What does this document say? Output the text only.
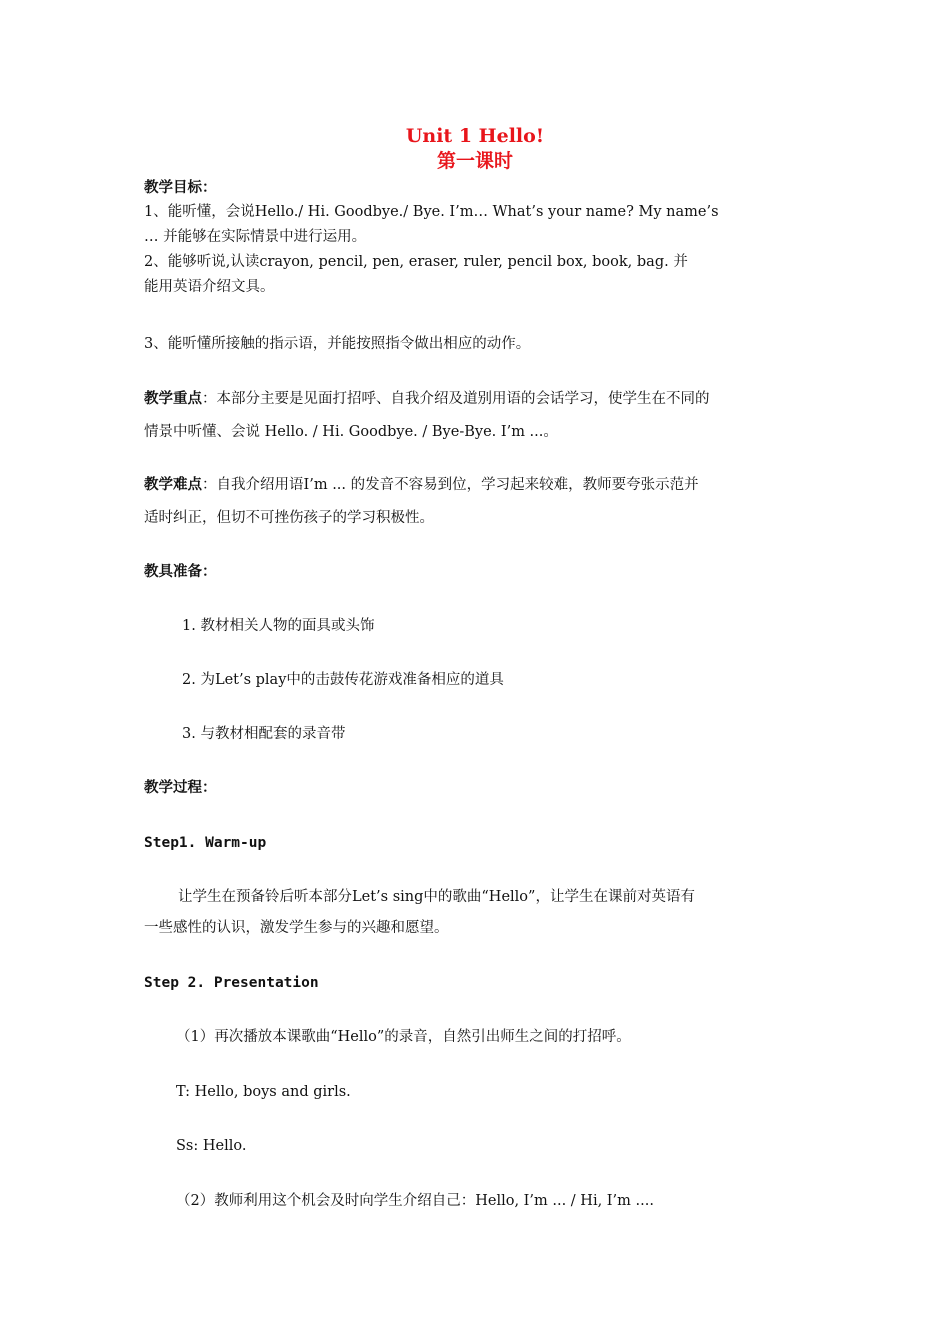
Unit 1 Hello!
第一课时
教学目标：
1、能听懂，会说Hello./ Hi. Goodbye./ Bye. I’m… What’s your name? My name’s
… 并能够在实际情景中进行运用。
2、能够听说,认读crayon, pencil, pen, eraser, ruler, pencil box, book, bag. 并
能用英语介绍文具。
3、能听懂所接触的指示语，并能按照指令做出相应的动作。
教学重点：本部分主要是见面打招呼、自我介绍及道别用语的会话学习，使学生在不同的
情景中听懂、会说 Hello. / Hi. Goodbye. / Bye-Bye. I’m ...。
教学难点：自我介绍用语I’m ... 的发音不容易到位，学习起来较难，教师要夸张示范并
适时纠正，但切不可挫伤孩子的学习积极性。
教具准备：
1. 教材相关人物的面具或头饰
2. 为Let’s play中的击鼓传花游戏准备相应的道具
3. 与教材相配套的录音带
教学过程：
Step1. Warm-up
让学生在预备铃后听本部分Let’s sing中的歌曲“Hello”，让学生在课前对英语有
一些感性的认识，激发学生参与的兴趣和愿望。
Step 2. Presentation
（1）再次播放本课歌曲“Hello”的录音，自然引出师生之间的打招呼。
T: Hello, boys and girls.
Ss: Hello.
（2）教师利用这个机会及时向学生介绍自己：Hello, I’m ... / Hi, I’m ....
